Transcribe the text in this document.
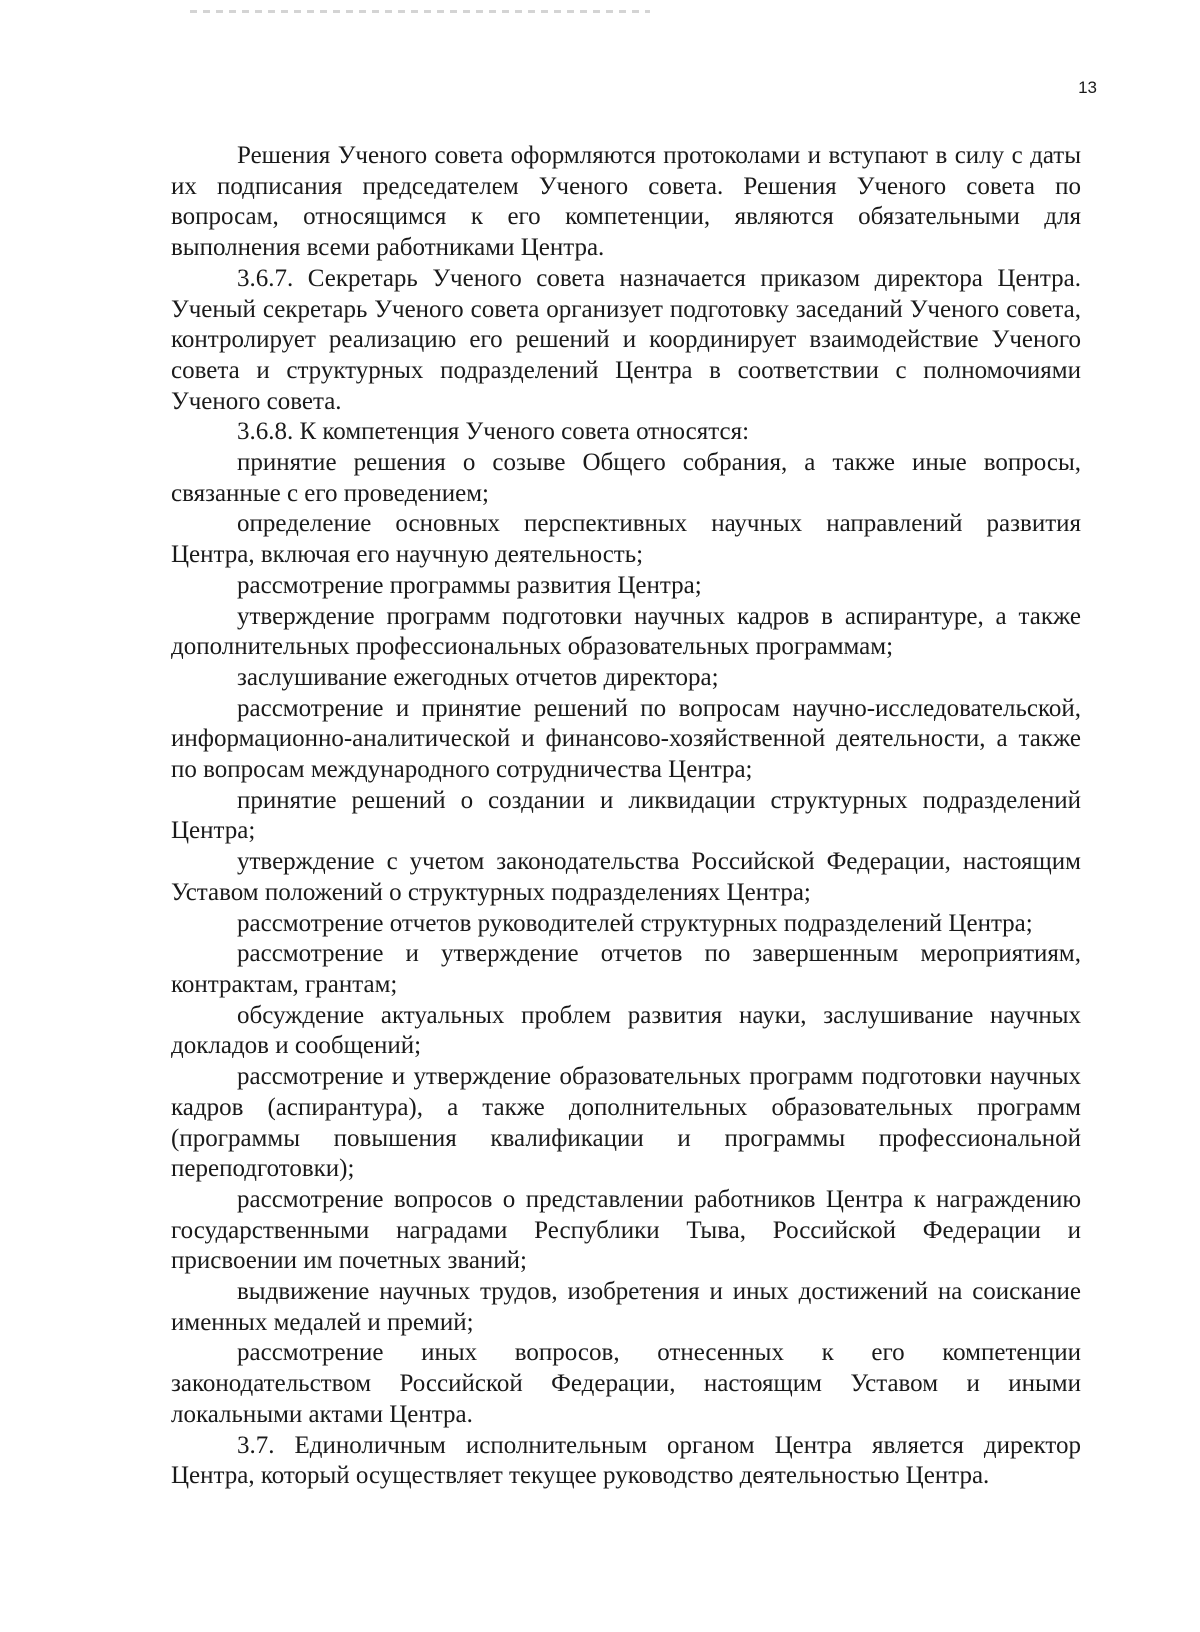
13

Решения Ученого совета оформляются протоколами и вступают в силу с даты их подписания председателем Ученого совета. Решения Ученого совета по вопросам, относящимся к его компетенции, являются обязательными для выполнения всеми работниками Центра.

3.6.7. Секретарь Ученого совета назначается приказом директора Центра. Ученый секретарь Ученого совета организует подготовку заседаний Ученого совета, контролирует реализацию его решений и координирует взаимодействие Ученого совета и структурных подразделений Центра в соответствии с полномочиями Ученого совета.

3.6.8. К компетенция Ученого совета относятся:

принятие решения о созыве Общего собрания, а также иные вопросы, связанные с его проведением;

определение основных перспективных научных направлений развития Центра, включая его научную деятельность;

рассмотрение программы развития Центра;

утверждение программ подготовки научных кадров в аспирантуре, а также дополнительных профессиональных образовательных программам;

заслушивание ежегодных отчетов директора;

рассмотрение и принятие решений по вопросам научно-исследовательской, информационно-аналитической и финансово-хозяйственной деятельности, а также по вопросам международного сотрудничества Центра;

принятие решений о создании и ликвидации структурных подразделений Центра;

утверждение с учетом законодательства Российской Федерации, настоящим Уставом положений о структурных подразделениях Центра;

рассмотрение отчетов руководителей структурных подразделений Центра;

рассмотрение и утверждение отчетов по завершенным мероприятиям, контрактам, грантам;

обсуждение актуальных проблем развития науки, заслушивание научных докладов и сообщений;

рассмотрение и утверждение образовательных программ подготовки научных кадров (аспирантура), а также дополнительных образовательных программ (программы повышения квалификации и программы профессиональной переподготовки);

рассмотрение вопросов о представлении работников Центра к награждению государственными наградами Республики Тыва, Российской Федерации и присвоении им почетных званий;

выдвижение научных трудов, изобретения и иных достижений на соискание именных медалей и премий;

рассмотрение иных вопросов, отнесенных к его компетенции законодательством Российской Федерации, настоящим Уставом и иными локальными актами Центра.

3.7. Единоличным исполнительным органом Центра является директор Центра, который осуществляет текущее руководство деятельностью Центра.
